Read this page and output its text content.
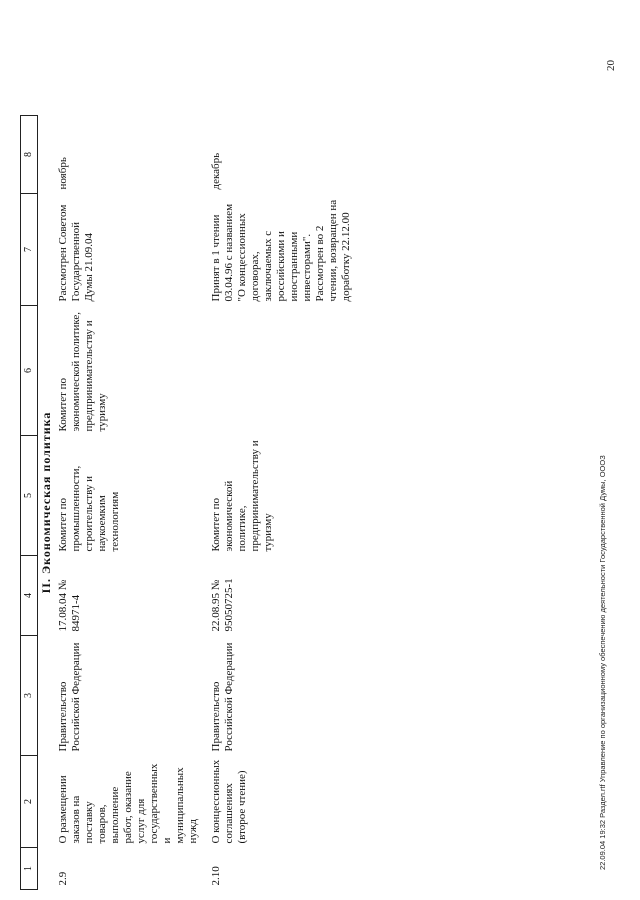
1	2	3	4	5	6	7	8
II. Экономическая политика							
2.9	О размещении заказов на поставку товаров, выполнение работ, оказание услуг для государственных и муниципальных нужд	Правительство Российской Федерации	17.08.04 № 84971-4	Комитет по промышленности, строительству и наукоемким технологиям	Комитет по экономической политике, предпринимательству и туризму	Рассмотрен Советом Государственной Думы 21.09.04	ноябрь
2.10	О концессионных соглашениях (второе чтение)	Правительство Российской Федерации	22.08.95 № 95050725-1	Комитет по экономической политике, предпринимательству и туризму		Принят в 1 чтении 03.04.96 с названием "О концессионных договорах, заключаемых с российскими и иностранными инвесторами". Рассмотрен во 2 чтении, возвращен на доработку 22.12.00	декабрь
22.09.04 19:32 Раздел.rtf Управление по организационному обеспечению деятельности Государственной Думы, ОООЗ
20
